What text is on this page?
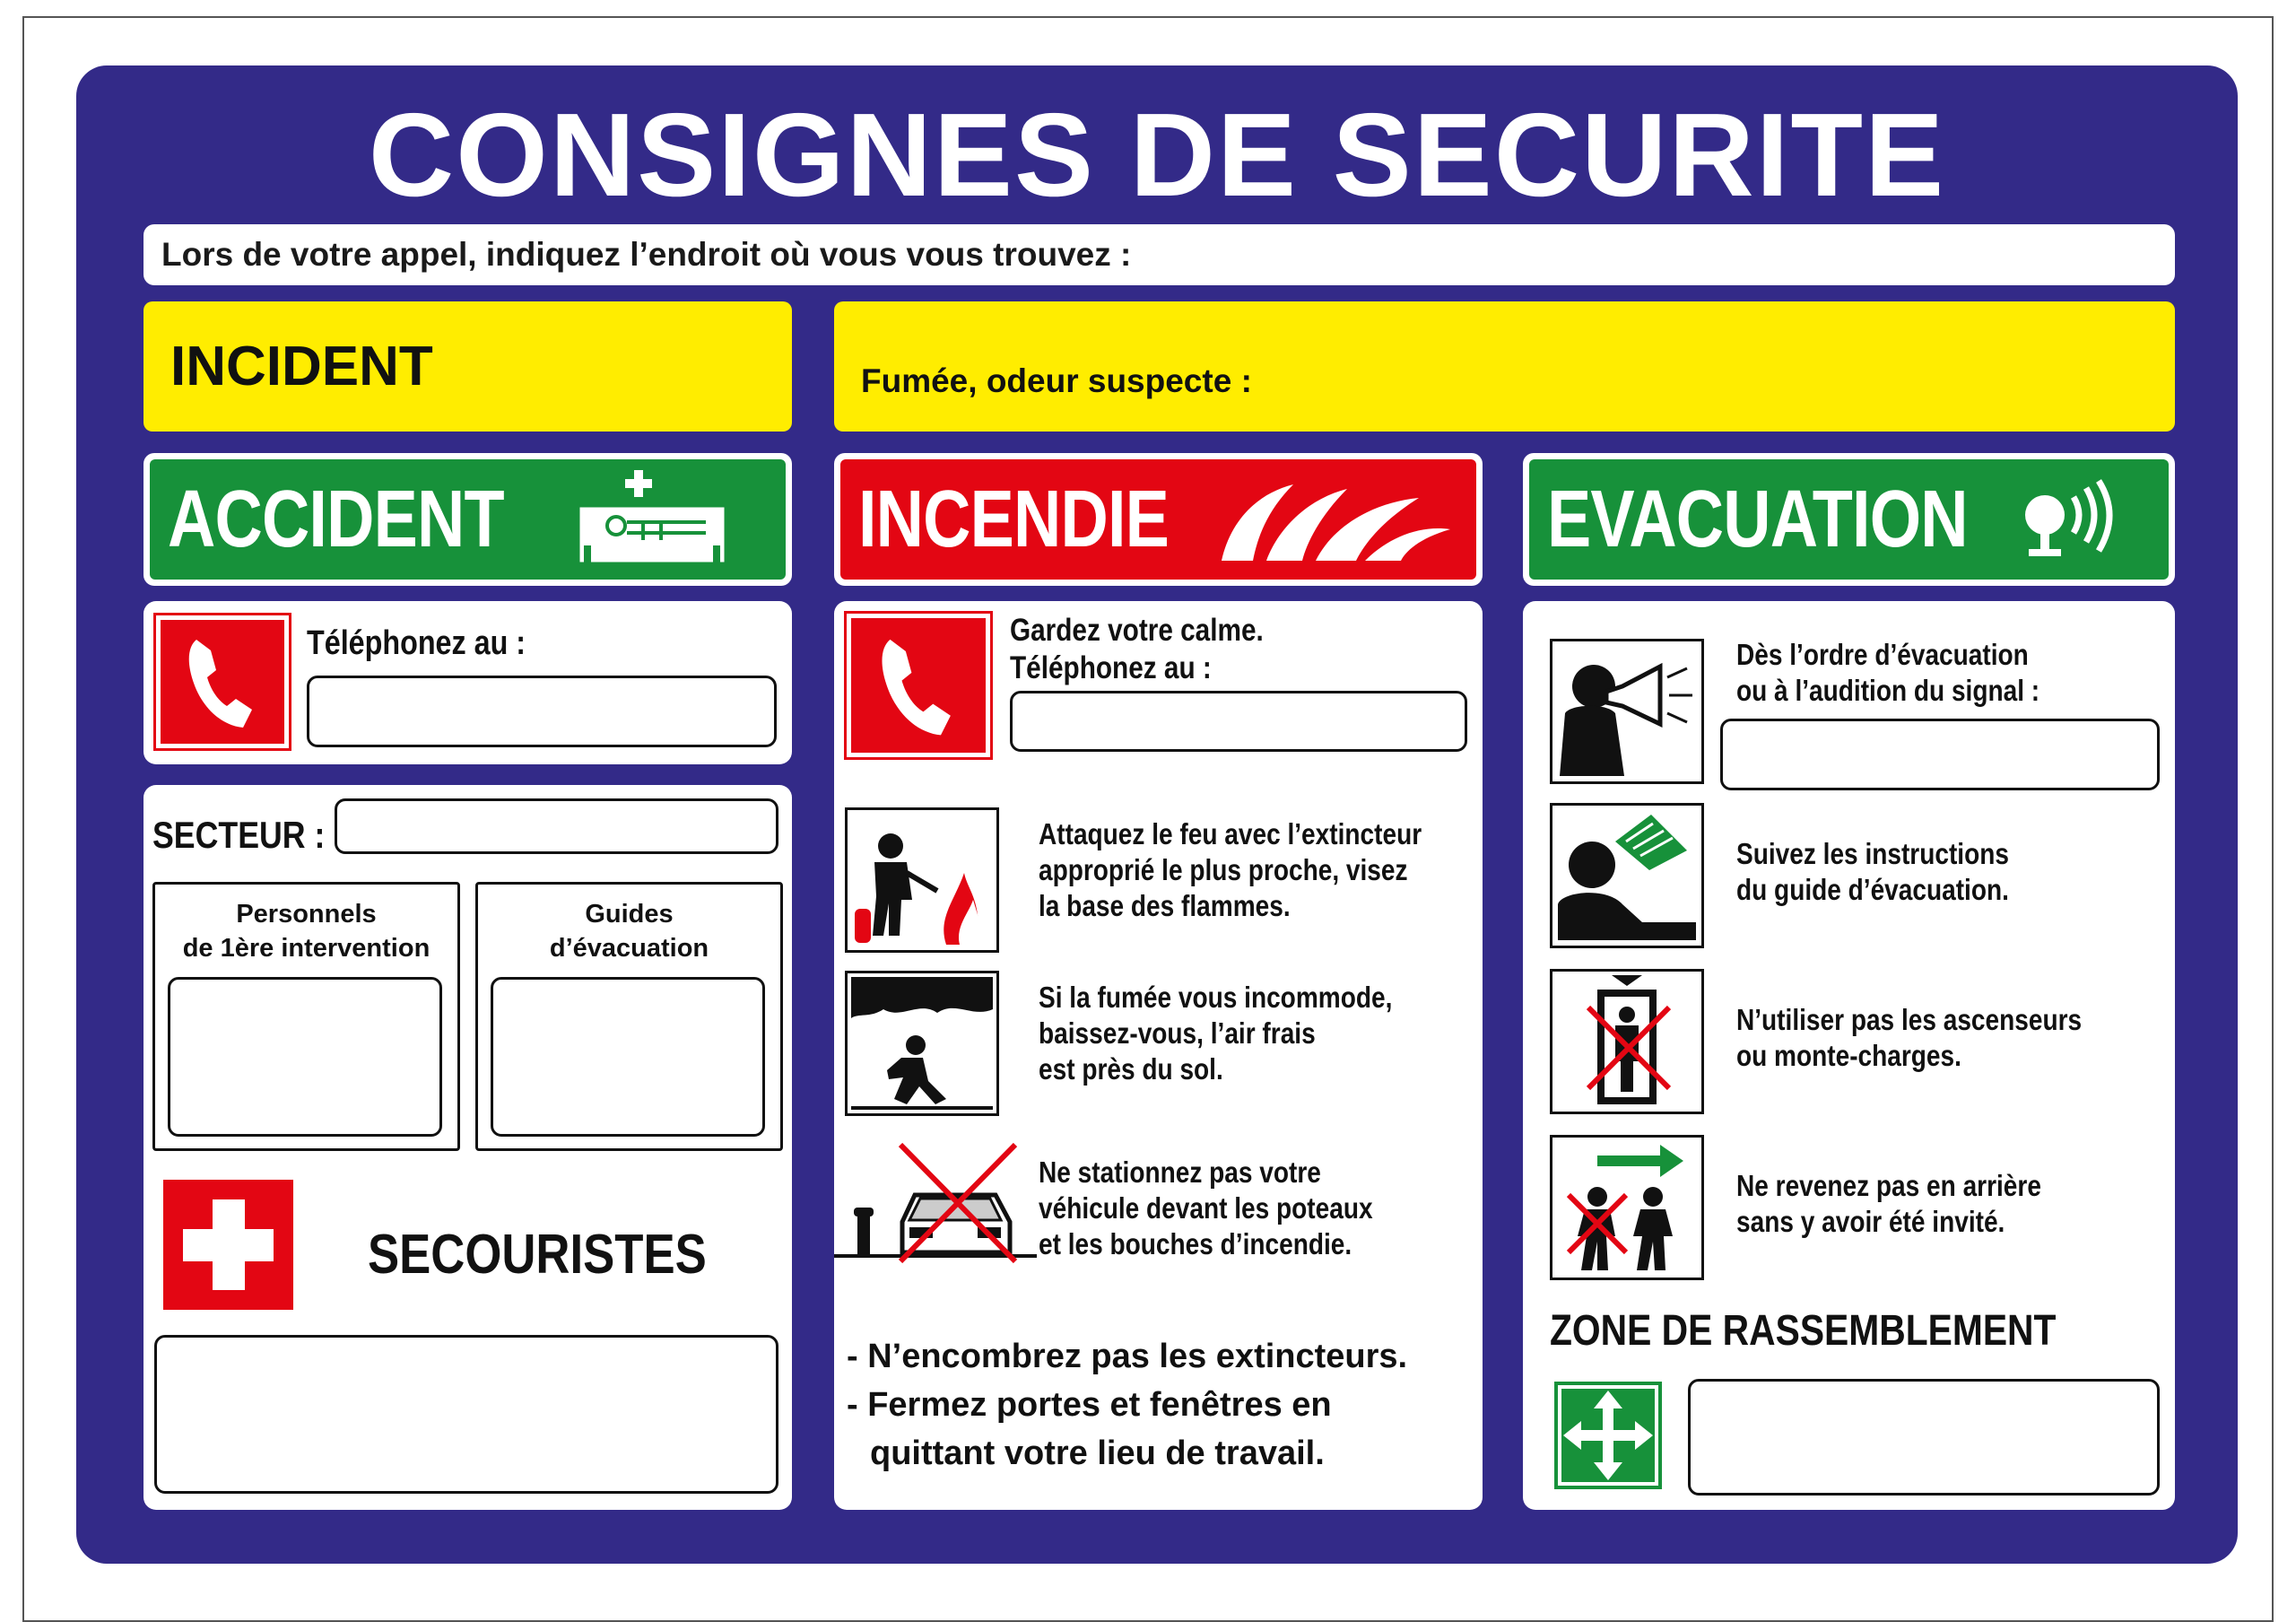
CONSIGNES DE SECURITE
Lors de votre appel, indiquez l’endroit où vous vous trouvez :
INCIDENT	Fumée, odeur suspecte :
ACCIDENT	INCENDIE	EVACUATION
Téléphonez au :
SECTEUR :
Personnels
de 1ère intervention
Guides
d’évacuation
SECOURISTES
Gardez votre calme.
Téléphonez au :
Attaquez le feu avec l’extincteur
approprié le plus proche, visez
la base des flammes.
Si la fumée vous incommode,
baissez-vous, l’air frais
est près du sol.
Ne stationnez pas votre
véhicule devant les poteaux
et les bouches d’incendie.
- N’encombrez pas les extincteurs.
- Fermez portes et fenêtres en
quittant votre lieu de travail.
Dès l’ordre d’évacuation
ou à l’audition du signal :
Suivez les instructions
du guide d’évacuation.
N’utiliser pas les ascenseurs
ou monte-charges.
Ne revenez pas en arrière
sans y avoir été invité.
ZONE DE RASSEMBLEMENT
